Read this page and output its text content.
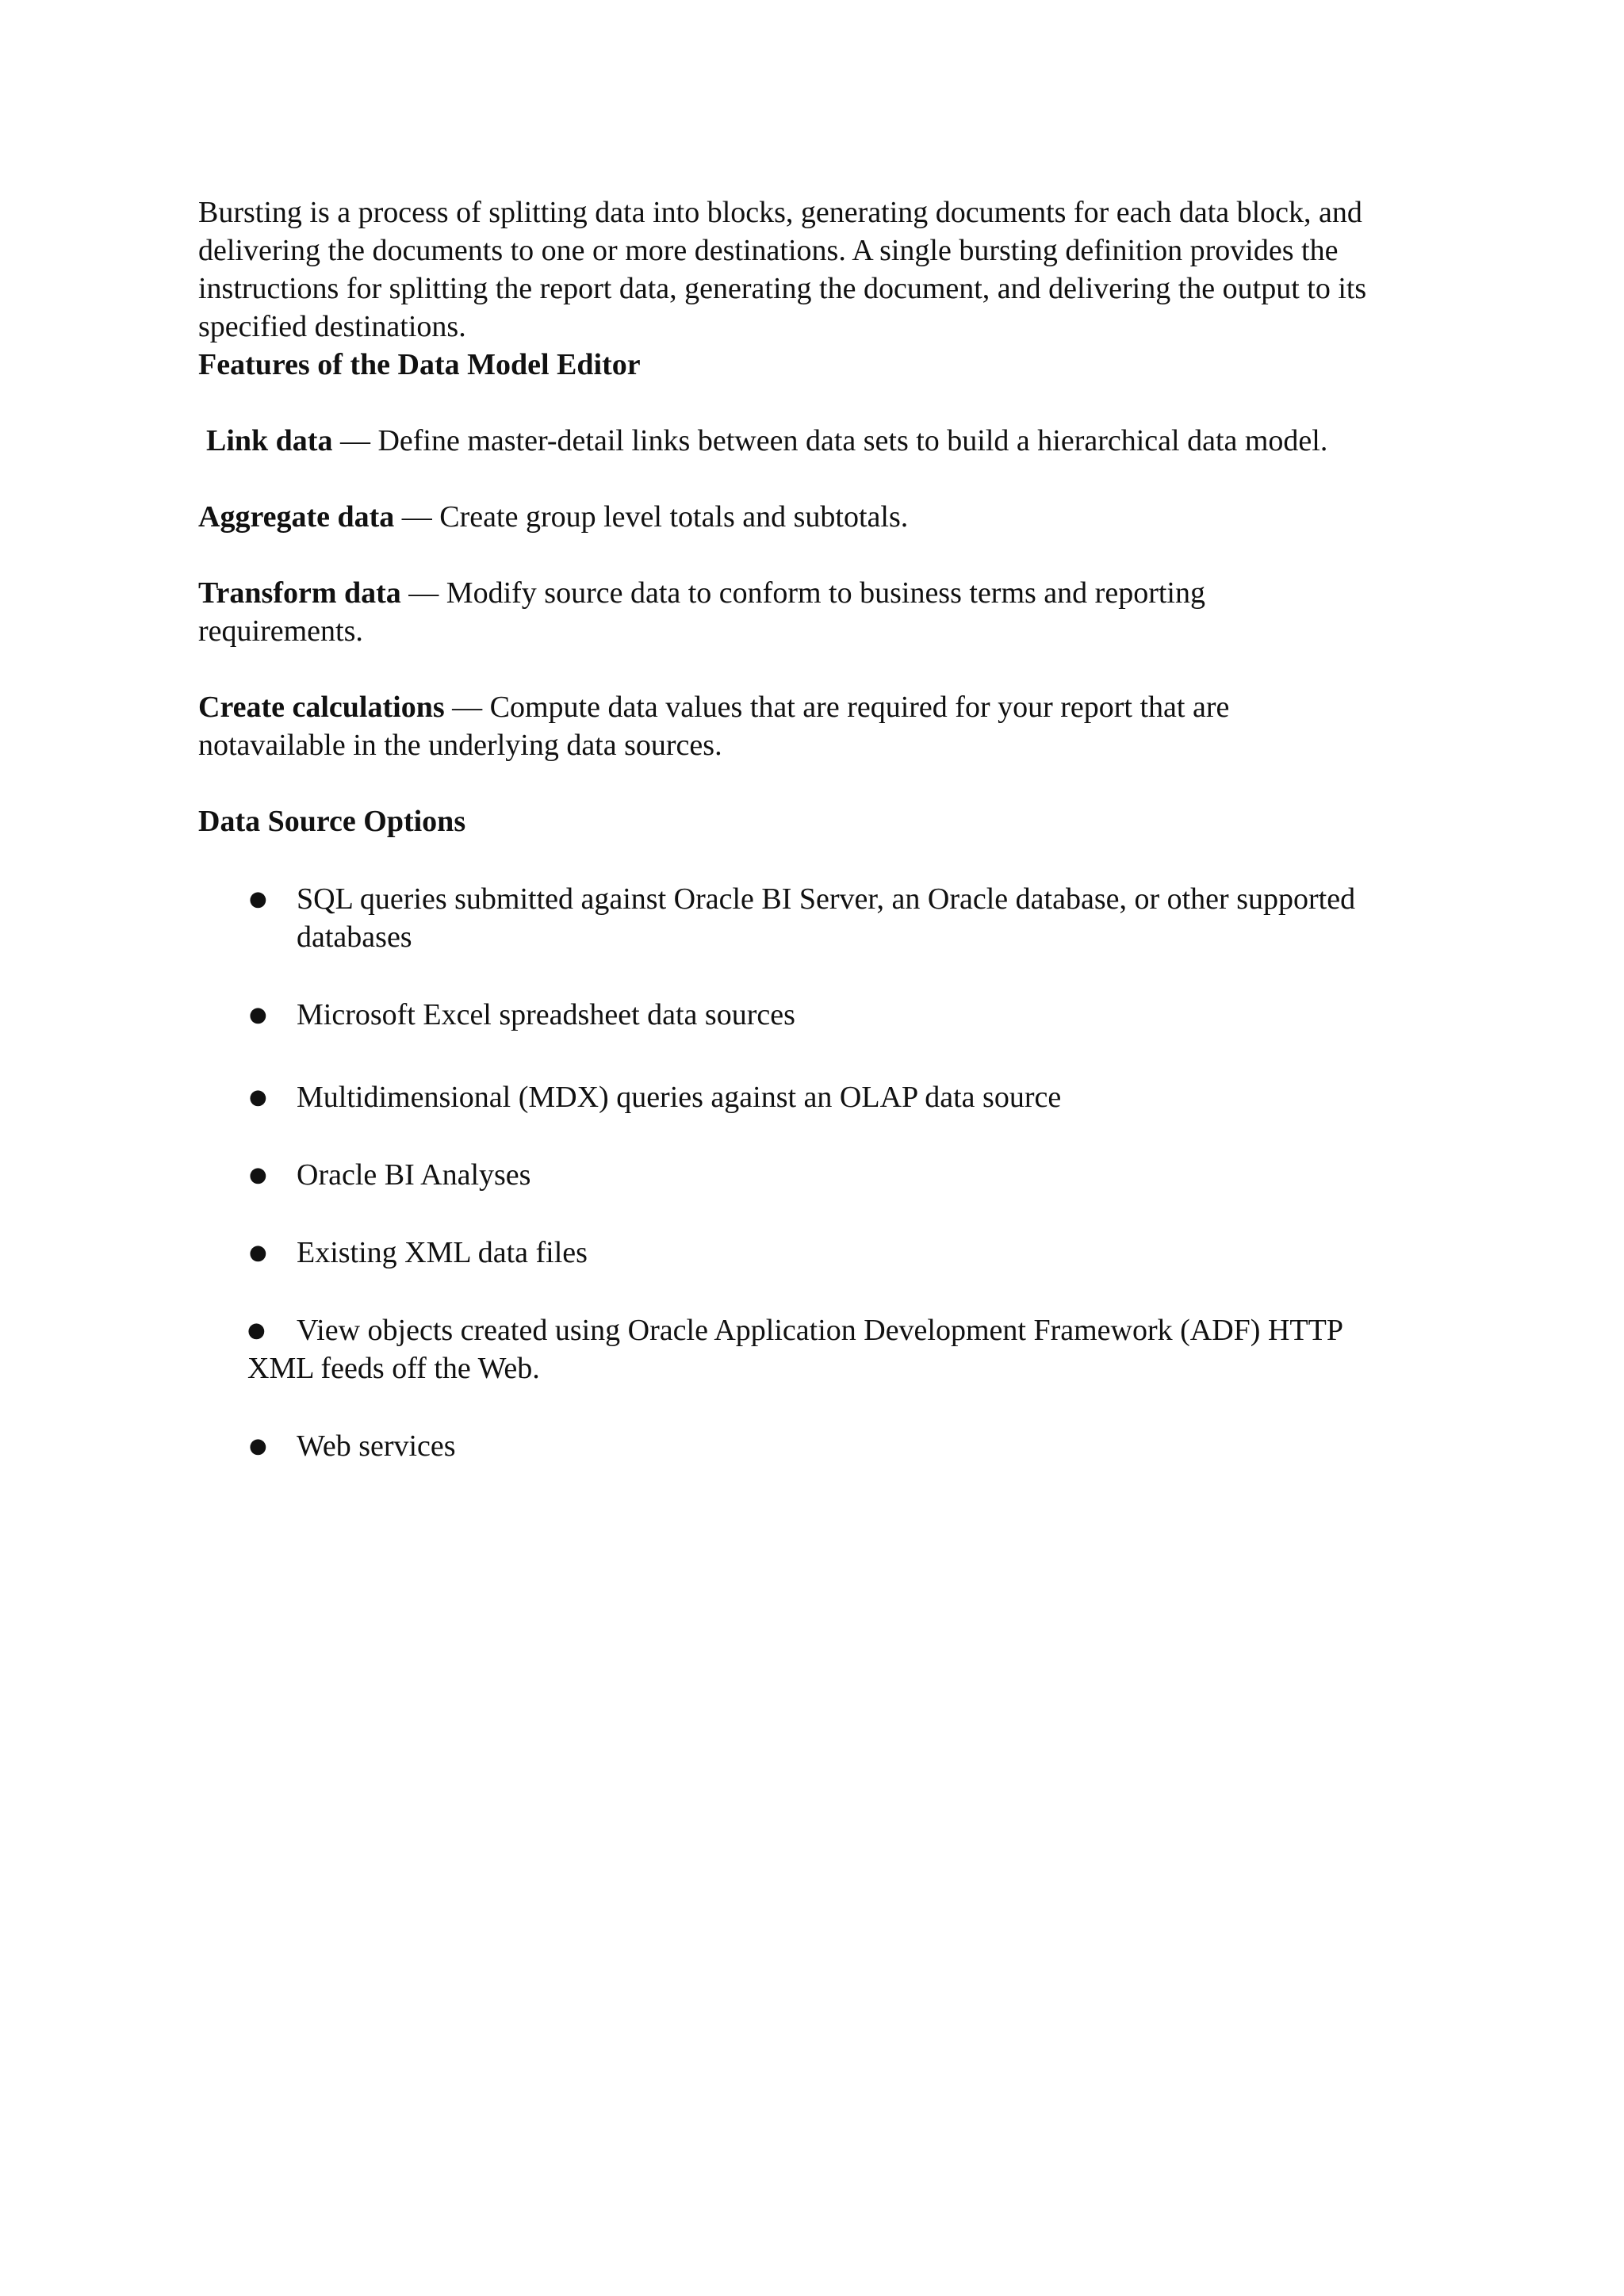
Bursting is a process of splitting data into blocks, generating documents for each data block, and delivering the documents to one or more destinations. A single bursting definition provides the instructions for splitting the report data, generating the document, and delivering the output to its specified destinations.

Features of the Data Model Editor

Link data — Define master-detail links between data sets to build a hierarchical data model.

Aggregate data — Create group level totals and subtotals.

Transform data — Modify source data to conform to business terms and reporting requirements.

Create calculations — Compute data values that are required for your report that are notavailable in the underlying data sources.

Data Source Options

● SQL queries submitted against Oracle BI Server, an Oracle database, or other supported databases
● Microsoft Excel spreadsheet data sources
● Multidimensional (MDX) queries against an OLAP data source
● Oracle BI Analyses
● Existing XML data files
● View objects created using Oracle Application Development Framework (ADF) HTTP XML feeds off the Web.
● Web services
